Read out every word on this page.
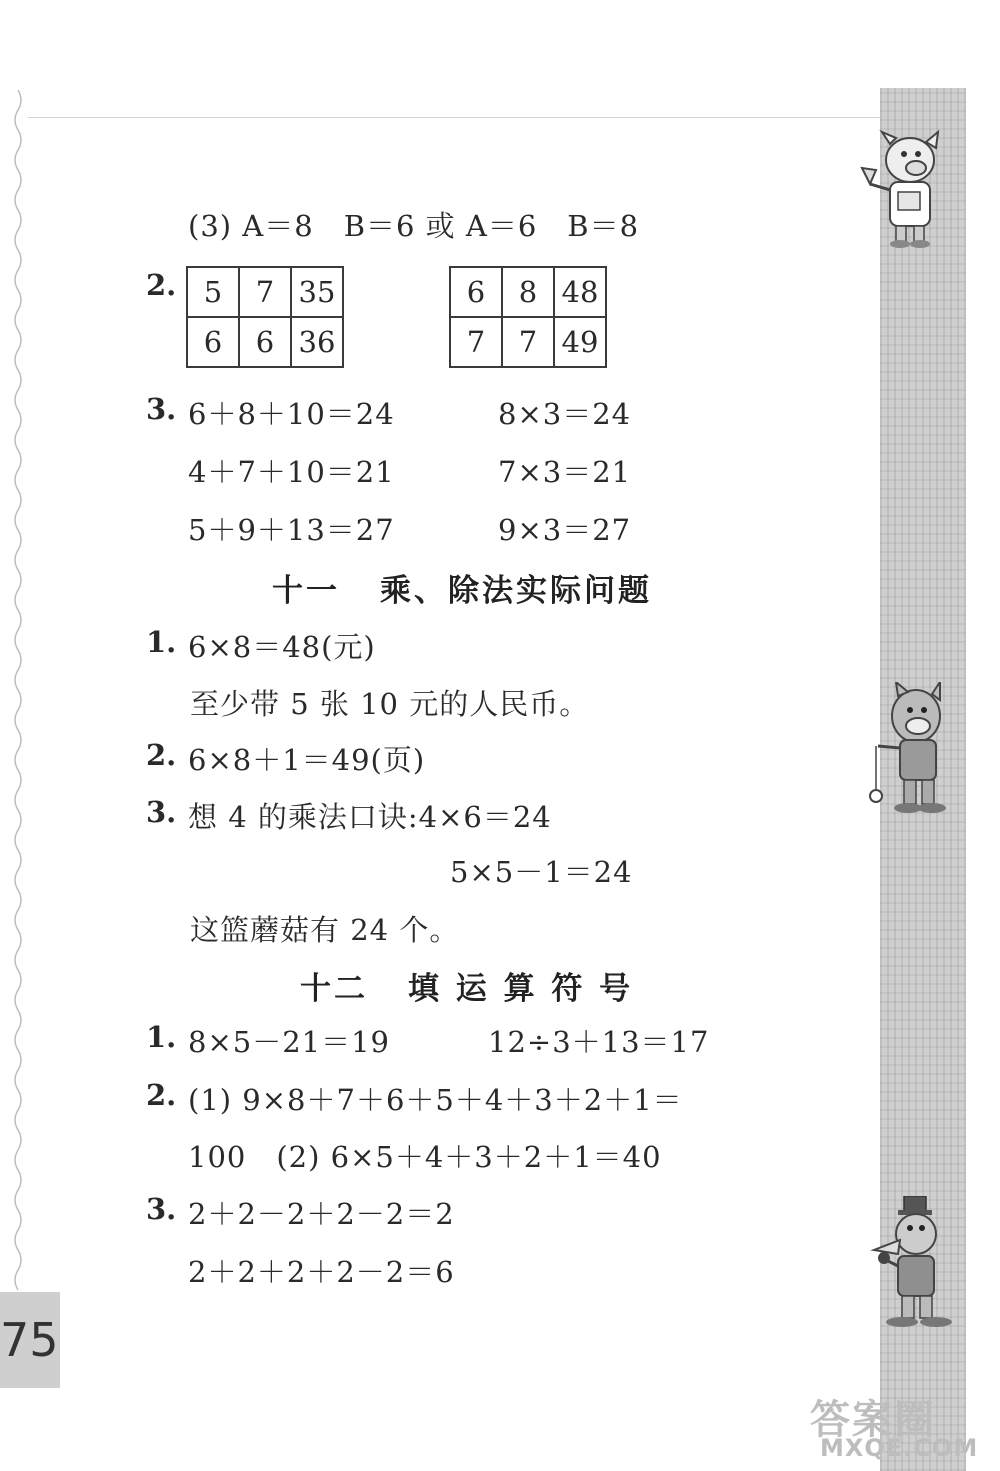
(3) A＝8　B＝6 或 A＝6　B＝8
2. 5	7	35
6	6	36
6	8	48
7	7	49
3. 6＋8＋10＝24	8×3＝24
4＋7＋10＝21	7×3＝21
5＋9＋13＝27	9×3＝27
十一 乘、除法实际问题
1. 6×8＝48(元)
至少带 5 张 10 元的人民币。
2. 6×8＋1＝49(页)
3. 想 4 的乘法口诀:4×6＝24
5×5－1＝24
这篮蘑菇有 24 个。
十二 填 运 算 符 号
1. 8×5－21＝19	12÷3＋13＝17
2. (1) 9×8＋7＋6＋5＋4＋3＋2＋1＝
100　(2) 6×5＋4＋3＋2＋1＝40
3. 2＋2－2＋2－2＝2
2＋2＋2＋2－2＝6
75
答案圈
MXQE.COM
